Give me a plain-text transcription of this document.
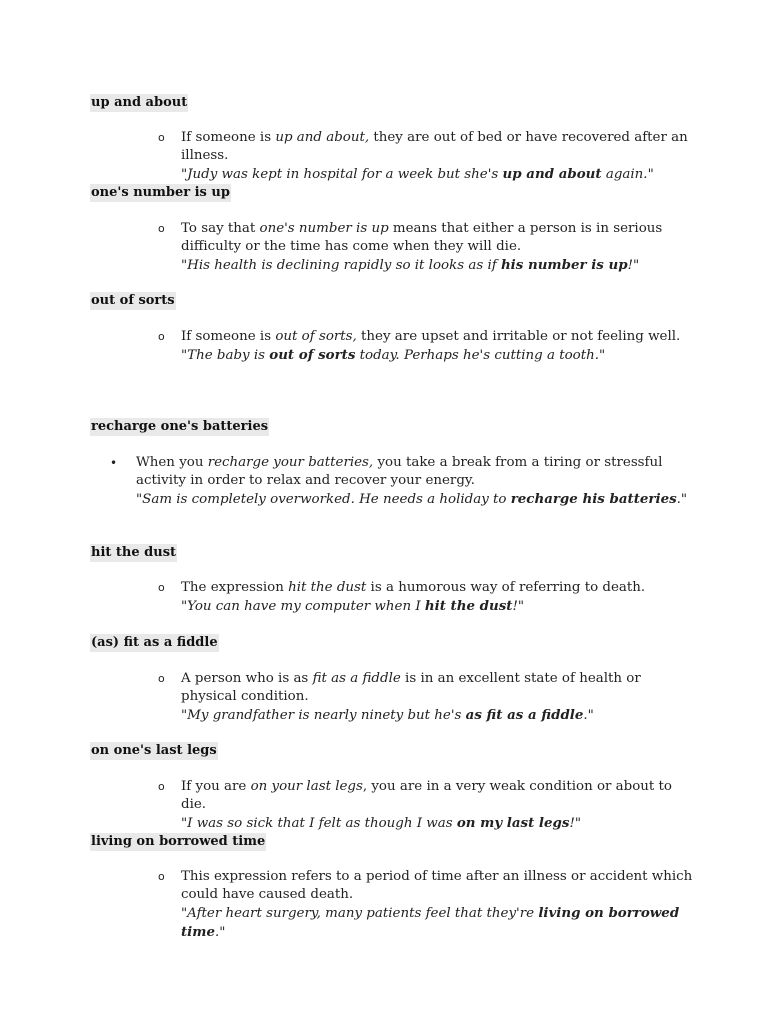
up and about
o If someone is up and about, they are out of bed or have recovered after an illness.
"Judy was kept in hospital for a week but she's up and about again."
one's number is up
o To say that one's number is up means that either a person is in serious difficulty or the time has come when they will die.
"His health is declining rapidly so it looks as if his number is up!"
out of sorts
o If someone is out of sorts, they are upset and irritable or not feeling well.
"The baby is out of sorts today. Perhaps he's cutting a tooth."
recharge one's batteries
• When you recharge your batteries, you take a break from a tiring or stressful activity in order to relax and recover your energy.
"Sam is completely overworked. He needs a holiday to recharge his batteries."
hit the dust
o The expression hit the dust is a humorous way of referring to death.
"You can have my computer when I hit the dust!"
(as) fit as a fiddle
o A person who is as fit as a fiddle is in an excellent state of health or physical condition.
"My grandfather is nearly ninety but he's as fit as a fiddle."
on one's last legs
o If you are on your last legs, you are in a very weak condition or about to die.
"I was so sick that I felt as though I was on my last legs!"
living on borrowed time
o This expression refers to a period of time after an illness or accident which could have caused death.
"After heart surgery, many patients feel that they're living on borrowed time."
